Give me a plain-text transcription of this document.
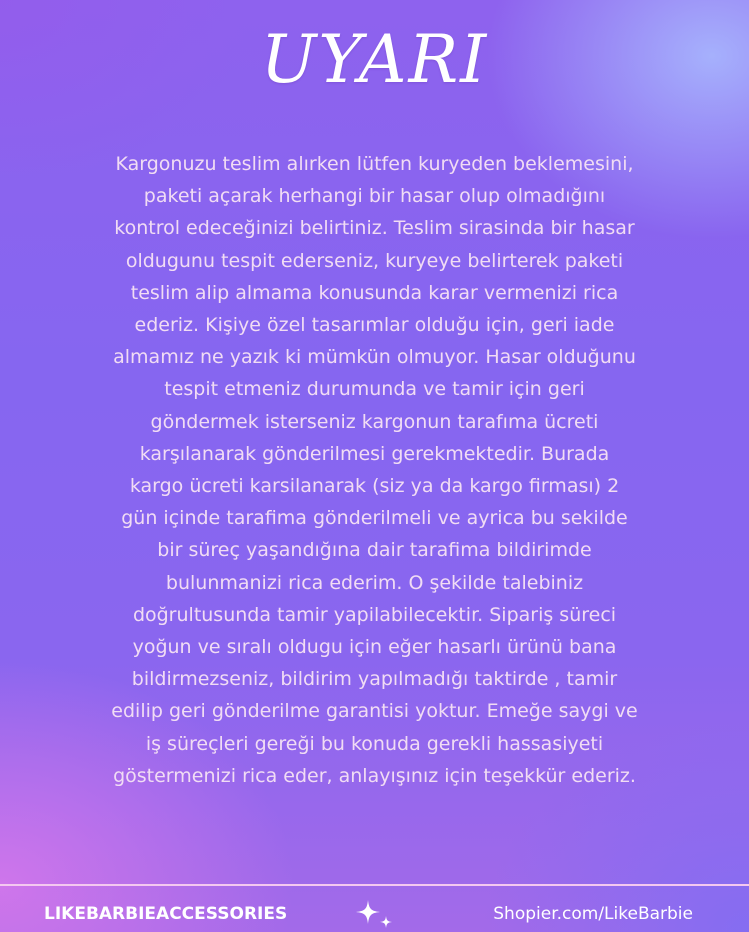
UYARI
Kargonuzu teslim alırken lütfen kuryeden beklemesini,
paketi açarak herhangi bir hasar olup olmadığını
kontrol edeceğinizi belirtiniz. Teslim sirasinda bir hasar
oldugunu tespit ederseniz, kuryeye belirterek paketi
teslim alip almama konusunda karar vermenizi rica
ederiz. Kişiye özel tasarımlar olduğu için, geri iade
almamız ne yazık ki mümkün olmuyor. Hasar olduğunu
tespit etmeniz durumunda ve tamir için geri
göndermek isterseniz kargonun tarafıma ücreti
karşılanarak gönderilmesi gerekmektedir. Burada
kargo ücreti karsilanarak (siz ya da kargo firması) 2
gün içinde tarafima gönderilmeli ve ayrica bu sekilde
bir süreç yaşandığına dair tarafima bildirimde
bulunmanizi rica ederim. O şekilde talebiniz
doğrultusunda tamir yapilabilecektir. Sipariş süreci
yoğun ve sıralı oldugu için eğer hasarlı ürünü bana
bildirmezseniz, bildirim yapılmadığı taktirde , tamir
edilip geri gönderilme garantisi yoktur. Emeğe saygi ve
iş süreçleri gereği bu konuda gerekli hassasiyeti
göstermenizi rica eder, anlayışınız için teşekkür ederiz.
LIKEBARBIEACCESSORIES	Shopier.com/LikeBarbie
